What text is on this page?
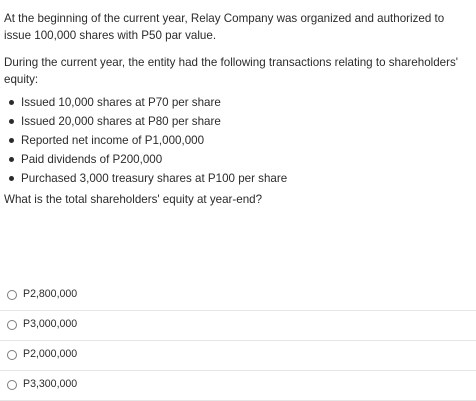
At the beginning of the current year, Relay Company was organized and authorized to issue 100,000 shares with P50 par value.

During the current year, the entity had the following transactions relating to shareholders' equity:

Issued 10,000 shares at P70 per share
Issued 20,000 shares at P80 per share
Reported net income of P1,000,000
Paid dividends of P200,000
Purchased 3,000 treasury shares at P100 per share

What is the total shareholders' equity at year-end?

P2,800,000
P3,000,000
P2,000,000
P3,300,000
